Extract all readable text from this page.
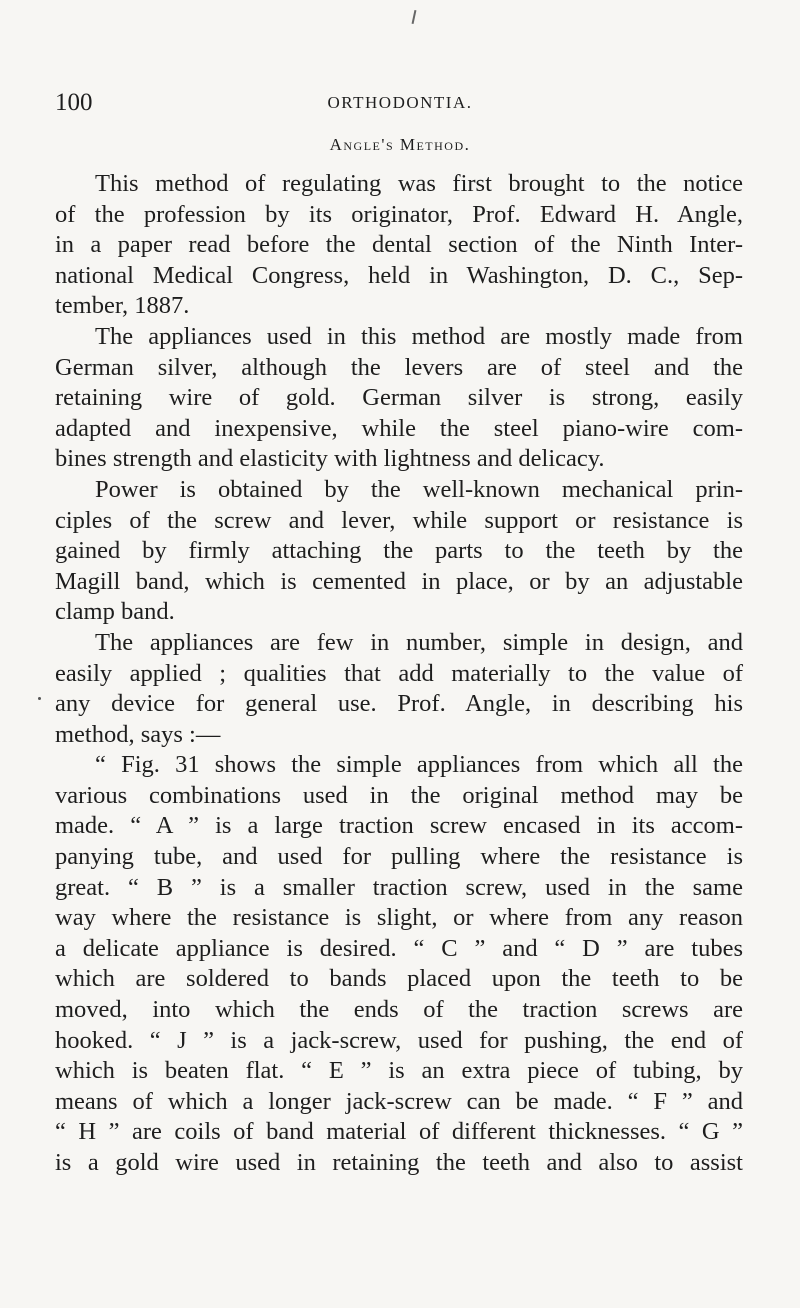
100	ORTHODONTIA.
Angle's Method.
This method of regulating was first brought to the notice
of the profession by its originator, Prof. Edward H. Angle,
in a paper read before the dental section of the Ninth Inter-
national Medical Congress, held in Washington, D. C., Sep-
tember, 1887.
The appliances used in this method are mostly made from
German silver, although the levers are of steel and the
retaining wire of gold. German silver is strong, easily
adapted and inexpensive, while the steel piano-wire com-
bines strength and elasticity with lightness and delicacy.
Power is obtained by the well-known mechanical prin-
ciples of the screw and lever, while support or resistance is
gained by firmly attaching the parts to the teeth by the
Magill band, which is cemented in place, or by an adjustable
clamp band.
The appliances are few in number, simple in design, and
easily applied ; qualities that add materially to the value of
any device for general use. Prof. Angle, in describing his
method, says :—
“ Fig. 31 shows the simple appliances from which all the
various combinations used in the original method may be
made. “ A ” is a large traction screw encased in its accom-
panying tube, and used for pulling where the resistance is
great. “ B ” is a smaller traction screw, used in the same
way where the resistance is slight, or where from any reason
a delicate appliance is desired. “ C ” and “ D ” are tubes
which are soldered to bands placed upon the teeth to be
moved, into which the ends of the traction screws are
hooked. “ J ” is a jack-screw, used for pushing, the end of
which is beaten flat. “ E ” is an extra piece of tubing, by
means of which a longer jack-screw can be made. “ F ” and
“ H ” are coils of band material of different thicknesses. “ G ”
is a gold wire used in retaining the teeth and also to assist
